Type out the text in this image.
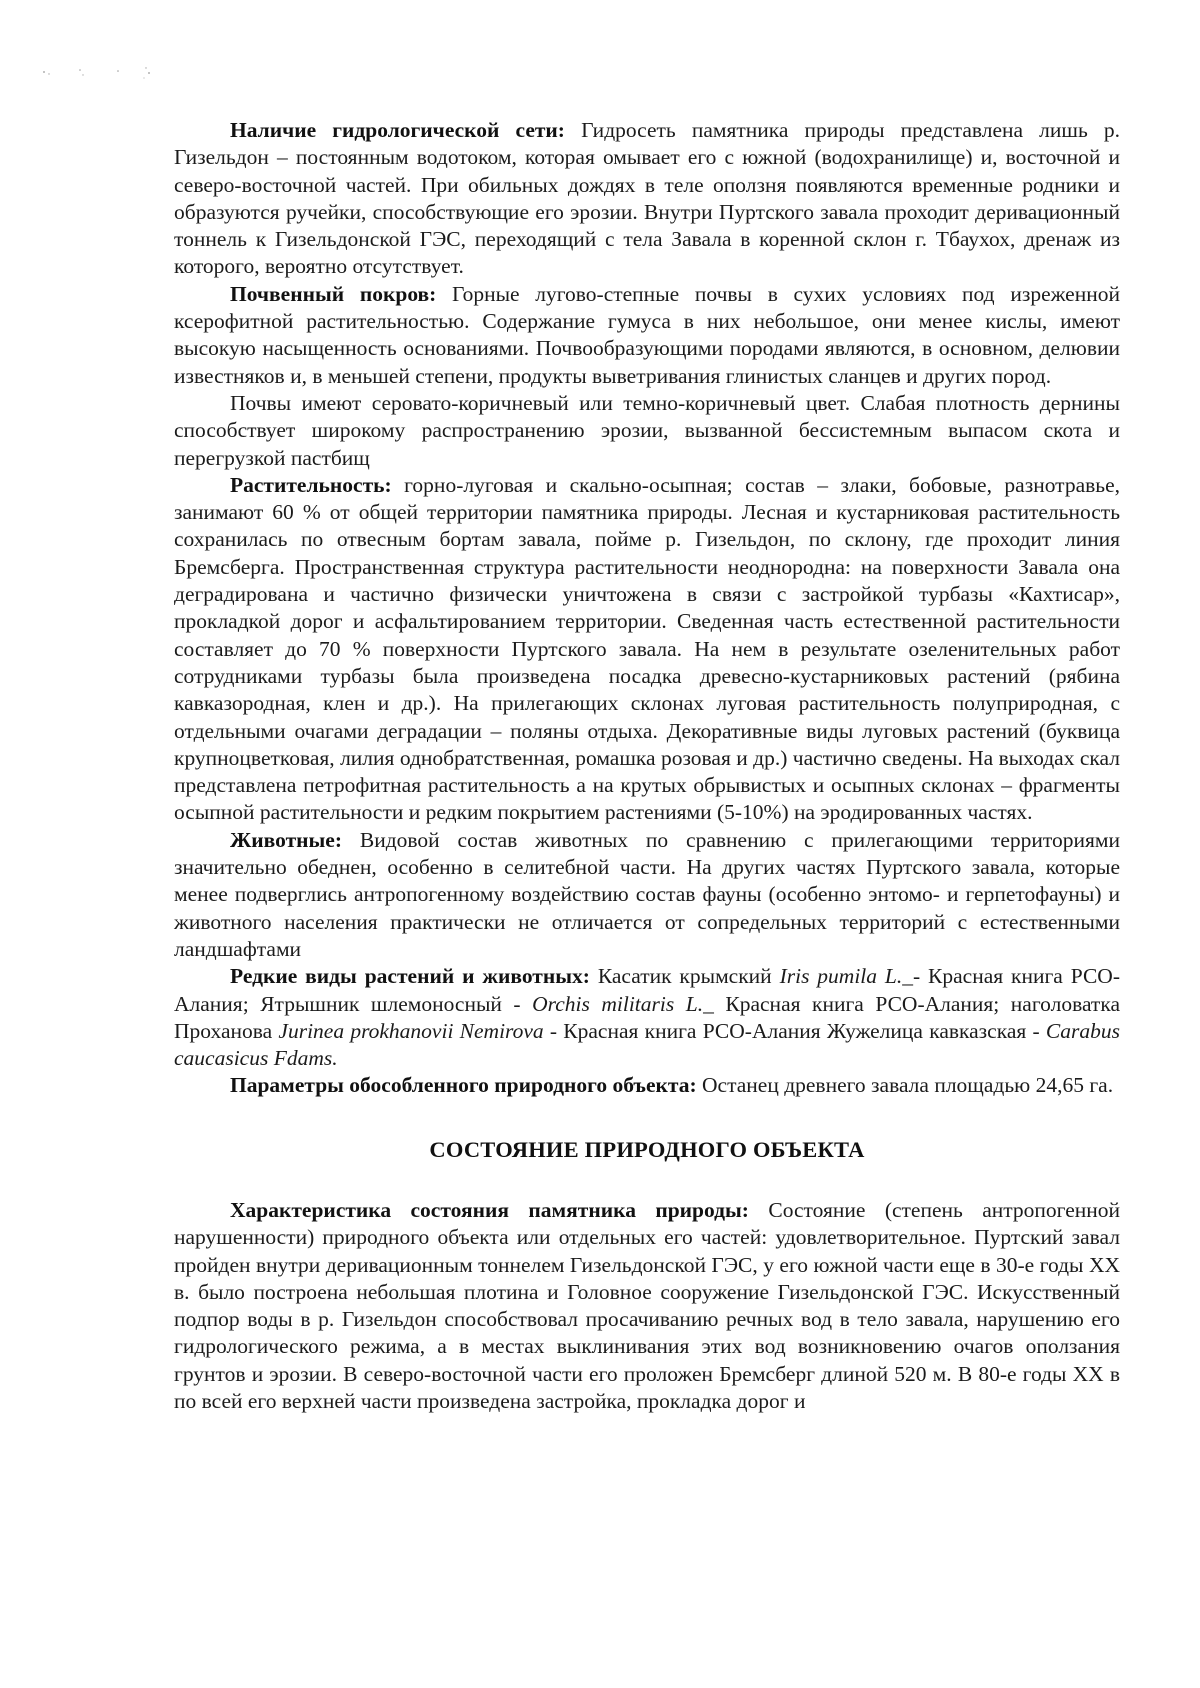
Наличие гидрологической сети: Гидросеть памятника природы представлена лишь р. Гизельдон – постоянным водотоком, которая омывает его с южной (водохранилище) и, восточной и северо-восточной частей. При обильных дождях в теле оползня появляются временные родники и образуются ручейки, способствующие его эрозии. Внутри Пуртского завала проходит деривационный тоннель к Гизельдонской ГЭС, переходящий с тела Завала в коренной склон г. Тбаухох, дренаж из которого, вероятно отсутствует.

Почвенный покров: Горные лугово-степные почвы в сухих условиях под изреженной ксерофитной растительностью. Содержание гумуса в них небольшое, они менее кислы, имеют высокую насыщенность основаниями. Почвообразующими породами являются, в основном, делювии известняков и, в меньшей степени, продукты выветривания глинистых сланцев и других пород.

Почвы имеют серовато-коричневый или темно-коричневый цвет. Слабая плотность дернины способствует широкому распространению эрозии, вызванной бессистемным выпасом скота и перегрузкой пастбищ

Растительность: горно-луговая и скально-осыпная; состав – злаки, бобовые, разнотравье, занимают 60 % от общей территории памятника природы. Лесная и кустарниковая растительность сохранилась по отвесным бортам завала, пойме р. Гизельдон, по склону, где проходит линия Бремсберга. Пространственная структура растительности неоднородна: на поверхности Завала она деградирована и частично физически уничтожена в связи с застройкой турбазы «Кахтисар», прокладкой дорог и асфальтированием территории. Сведенная часть естественной растительности составляет до 70 % поверхности Пуртского завала. На нем в результате озеленительных работ сотрудниками турбазы была произведена посадка древесно-кустарниковых растений (рябина кавказородная, клен и др.). На прилегающих склонах луговая растительность полуприродная, с отдельными очагами деградации – поляны отдыха. Декоративные виды луговых растений (буквица крупноцветковая, лилия однобратственная, ромашка розовая и др.) частично сведены. На выходах скал представлена петрофитная растительность а на крутых обрывистых и осыпных склонах – фрагменты осыпной растительности и редким покрытием растениями (5-10%) на эродированных частях.

Животные: Видовой состав животных по сравнению с прилегающими территориями значительно обеднен, особенно в селитебной части. На других частях Пуртского завала, которые менее подверглись антропогенному воздействию состав фауны (особенно энтомо- и герпетофауны) и животного населения практически не отличается от сопредельных территорий с естественными ландшафтами

Редкие виды растений и животных: Касатик крымский Iris pumila L._- Красная книга РСО-Алания; Ятрышник шлемоносный - Orchis militaris L._ Красная книга РСО-Алания; наголоватка Проханова Jurinea prokhanovii Nemirova - Красная книга РСО-Алания Жужелица кавказская - Carabus caucasicus Fdams.

Параметры обособленного природного объекта: Останец древнего завала площадью 24,65 га.

СОСТОЯНИЕ ПРИРОДНОГО ОБЪЕКТА

Характеристика состояния памятника природы: Состояние (степень антропогенной нарушенности) природного объекта или отдельных его частей: удовлетворительное. Пуртский завал пройден внутри деривационным тоннелем Гизельдонской ГЭС, у его южной части еще в 30-е годы XX в. было построена небольшая плотина и Головное сооружение Гизельдонской ГЭС. Искусственный подпор воды в р. Гизельдон способствовал просачиванию речных вод в тело завала, нарушению его гидрологического режима, а в местах выклинивания этих вод возникновению очагов оползания грунтов и эрозии. В северо-восточной части его проложен Бремсберг длиной 520 м. В 80-е годы XX в по всей его верхней части произведена застройка, прокладка дорог и
